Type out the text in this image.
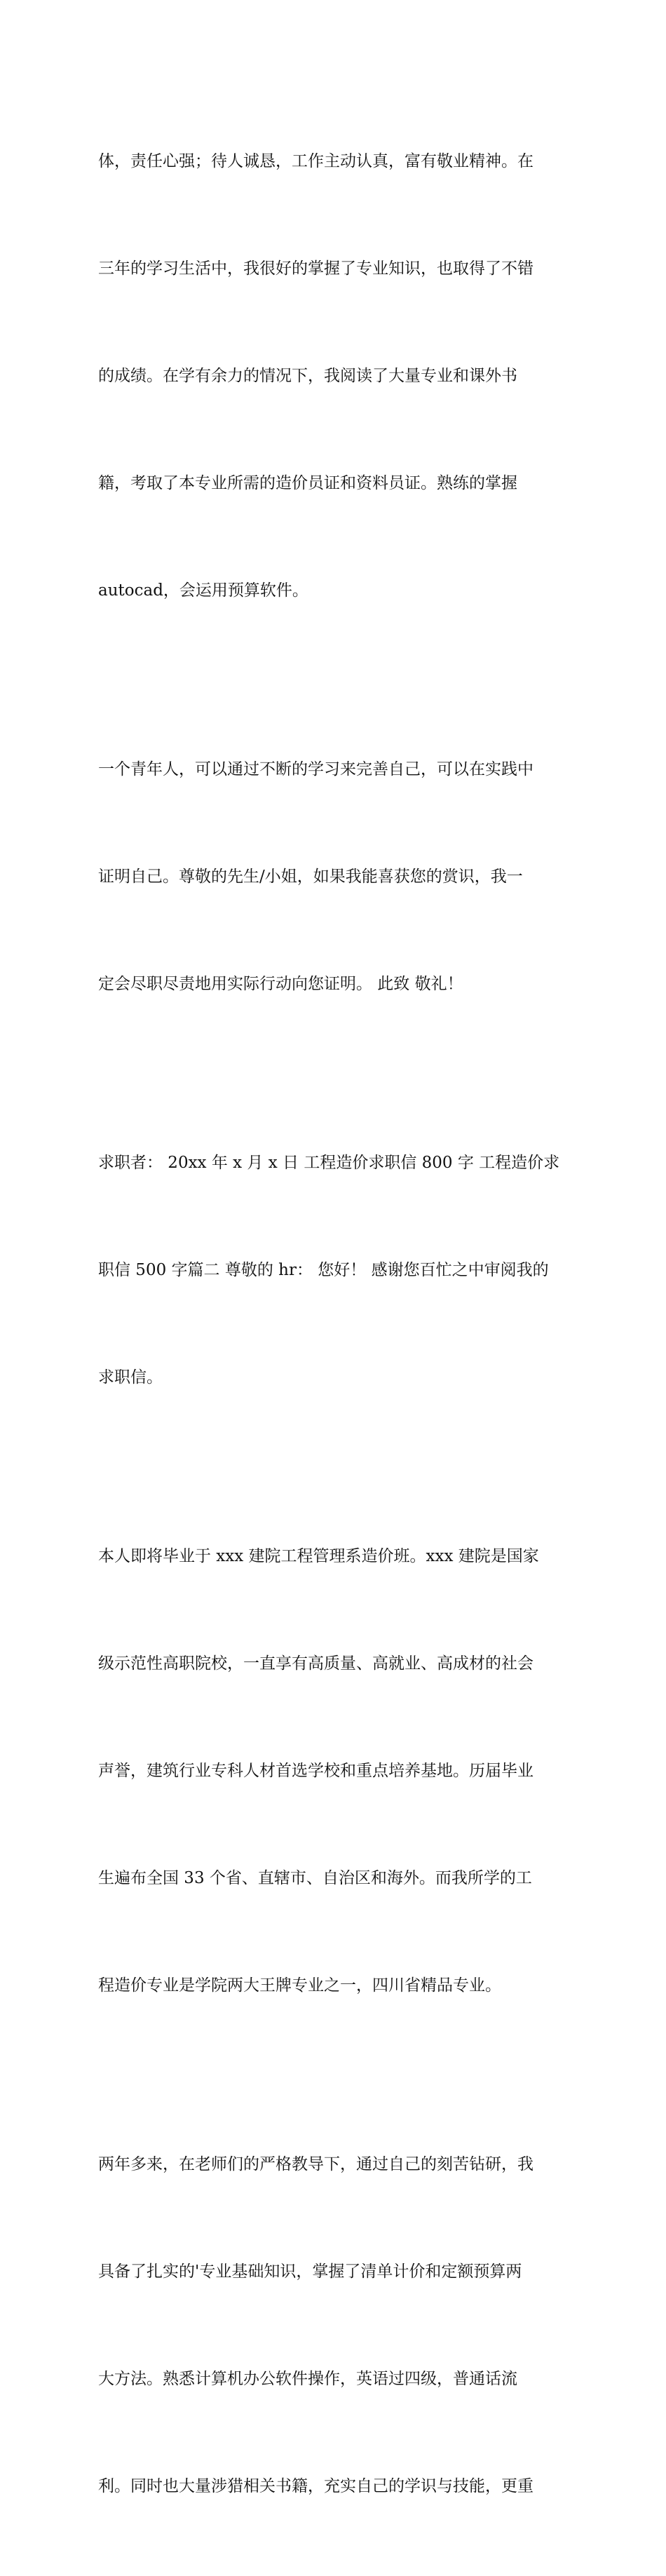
体，责任心强；待人诚恳，工作主动认真，富有敬业精神。在

三年的学习生活中，我很好的掌握了专业知识，也取得了不错

的成绩。在学有余力的情况下，我阅读了大量专业和课外书

籍，考取了本专业所需的造价员证和资料员证。熟练的掌握

autocad，会运用预算软件。

一个青年人，可以通过不断的学习来完善自己，可以在实践中

证明自己。尊敬的先生/小姐，如果我能喜获您的赏识，我一

定会尽职尽责地用实际行动向您证明。 此致 敬礼！

求职者： 20xx 年 x 月 x 日 工程造价求职信 800 字 工程造价求

职信 500 字篇二 尊敬的 hr： 您好！ 感谢您百忙之中审阅我的

求职信。

本人即将毕业于 xxx 建院工程管理系造价班。xxx 建院是国家

级示范性高职院校，一直享有高质量、高就业、高成材的社会

声誉，建筑行业专科人材首选学校和重点培养基地。历届毕业

生遍布全国 33 个省、直辖市、自治区和海外。而我所学的工

程造价专业是学院两大王牌专业之一，四川省精品专业。

两年多来，在老师们的严格教导下，通过自己的刻苦钻研，我

具备了扎实的'专业基础知识，掌握了清单计价和定额预算两

大方法。熟悉计算机办公软件操作，英语过四级，普通话流

利。同时也大量涉猎相关书籍，充实自己的学识与技能，更重
